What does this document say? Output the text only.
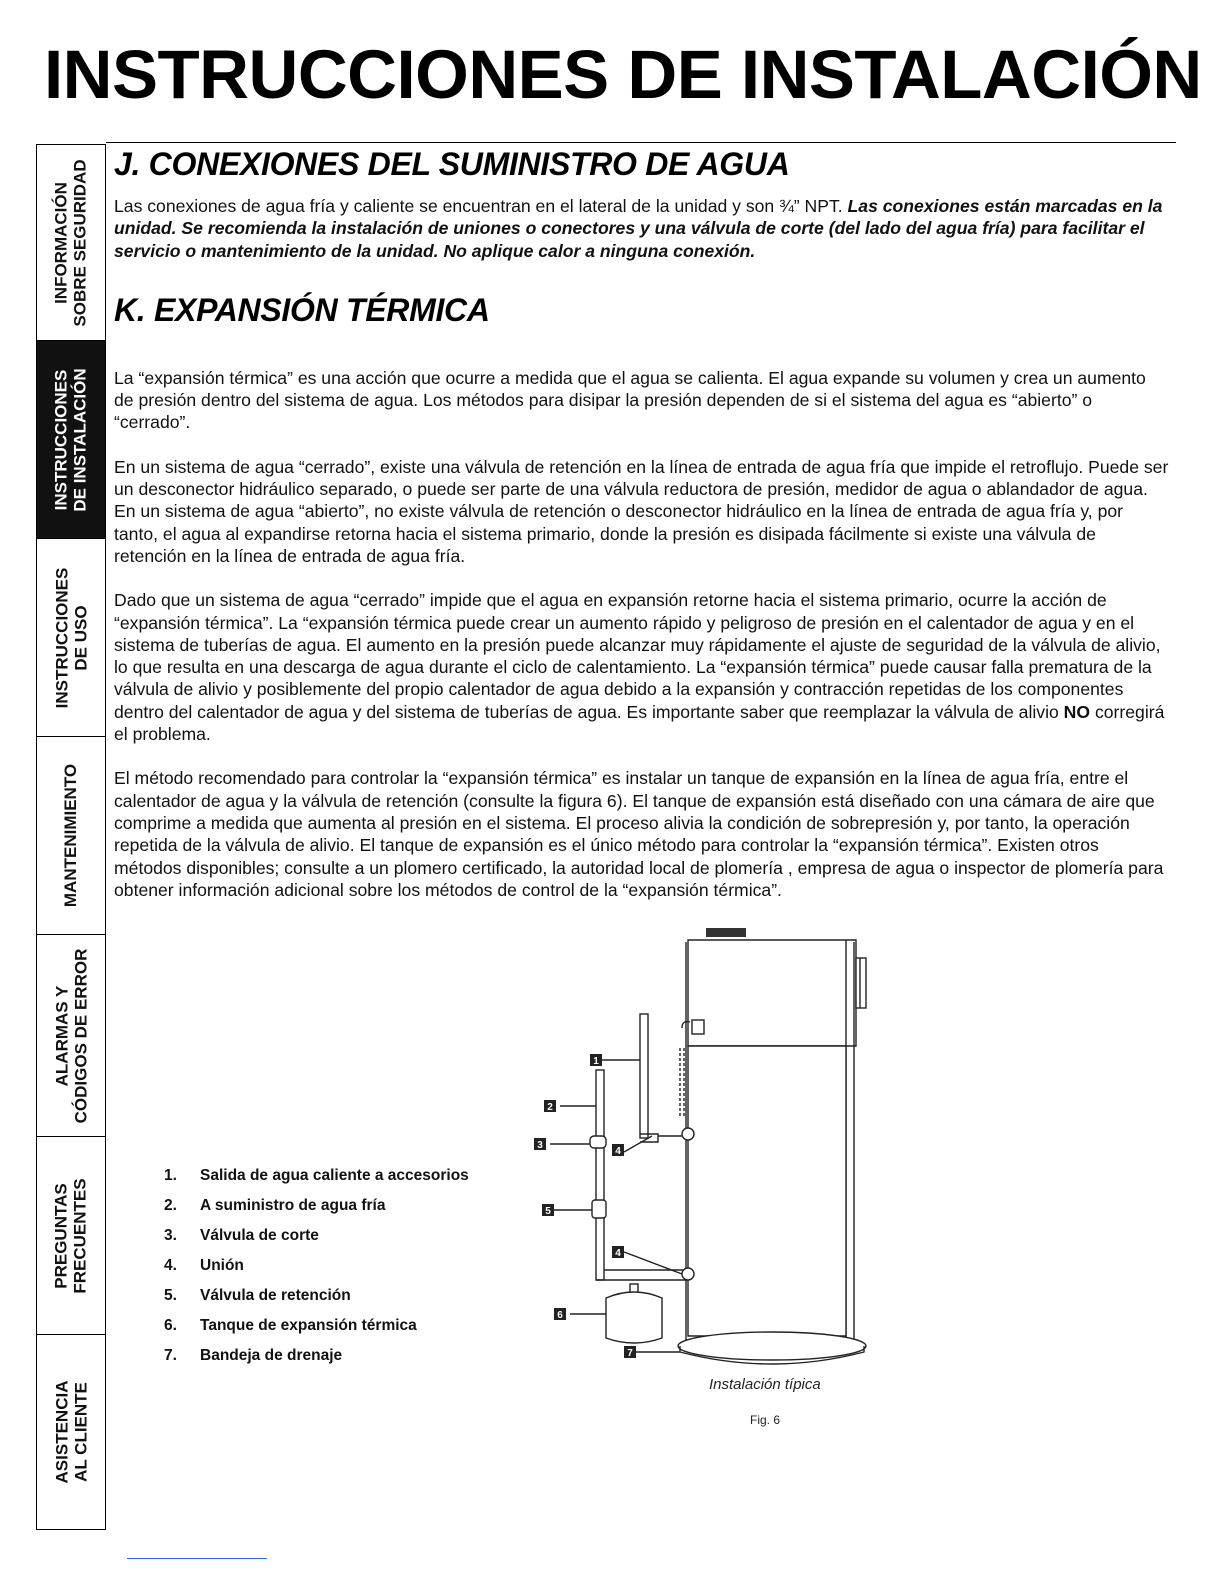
INSTRUCCIONES DE INSTALACIÓN
INFORMACIÓN SOBRE SEGURIDAD
INSTRUCCIONES DE INSTALACIÓN
INSTRUCCIONES DE USO
MANTENIMIENTO
ALARMAS Y CÓDIGOS DE ERROR
PREGUNTAS FRECUENTES
ASISTENCIA AL CLIENTE
J. CONEXIONES DEL SUMINISTRO DE AGUA

Las conexiones de agua fría y caliente se encuentran en el lateral de la unidad y son ¾” NPT. Las conexiones están marcadas en la unidad. Se recomienda la instalación de uniones o conectores y una válvula de corte (del lado del agua fría) para facilitar el servicio o mantenimiento de la unidad. No aplique calor a ninguna conexión.

K. EXPANSIÓN TÉRMICA

La “expansión térmica” es una acción que ocurre a medida que el agua se calienta. El agua expande su volumen y crea un aumento de presión dentro del sistema de agua. Los métodos para disipar la presión dependen de si el sistema del agua es “abierto” o “cerrado”.

En un sistema de agua “cerrado”, existe una válvula de retención en la línea de entrada de agua fría que impide el retroflujo. Puede ser un desconector hidráulico separado, o puede ser parte de una válvula reductora de presión, medidor de agua o ablandador de agua. En un sistema de agua “abierto”, no existe válvula de retención o desconector hidráulico en la línea de entrada de agua fría y, por tanto, el agua al expandirse retorna hacia el sistema primario, donde la presión es disipada fácilmente si existe una válvula de retención en la línea de entrada de agua fría.

Dado que un sistema de agua “cerrado” impide que el agua en expansión retorne hacia el sistema primario, ocurre la acción de “expansión térmica”. La “expansión térmica puede crear un aumento rápido y peligroso de presión en el calentador de agua y en el sistema de tuberías de agua. El aumento en la presión puede alcanzar muy rápidamente el ajuste de seguridad de la válvula de alivio, lo que resulta en una descarga de agua durante el ciclo de calentamiento. La “expansión térmica” puede causar falla prematura de la válvula de alivio y posiblemente del propio calentador de agua debido a la expansión y contracción repetidas de los componentes dentro del calentador de agua y del sistema de tuberías de agua. Es importante saber que reemplazar la válvula de alivio NO corregirá el problema.

El método recomendado para controlar la “expansión térmica” es instalar un tanque de expansión en la línea de agua fría, entre el calentador de agua y la válvula de retención (consulte la figura 6). El tanque de expansión está diseñado con una cámara de aire que comprime a medida que aumenta al presión en el sistema. El proceso alivia la condición de sobrepresión y, por tanto, la operación repetida de la válvula de alivio. El tanque de expansión es el único método para controlar la “expansión térmica”. Existen otros métodos disponibles; consulte a un plomero certificado, la autoridad local de plomería , empresa de agua o inspector de plomería para obtener información adicional sobre los métodos de control de la “expansión térmica”.

1.	Salida de agua caliente a accesorios
2.	A suministro de agua fría
3.	Válvula de corte
4.	Unión
5.	Válvula de retención
6.	Tanque de expansión térmica
7.	Bandeja de drenaje
1
2
3
4
4
5
6
7
Instalación típica
Fig. 6
